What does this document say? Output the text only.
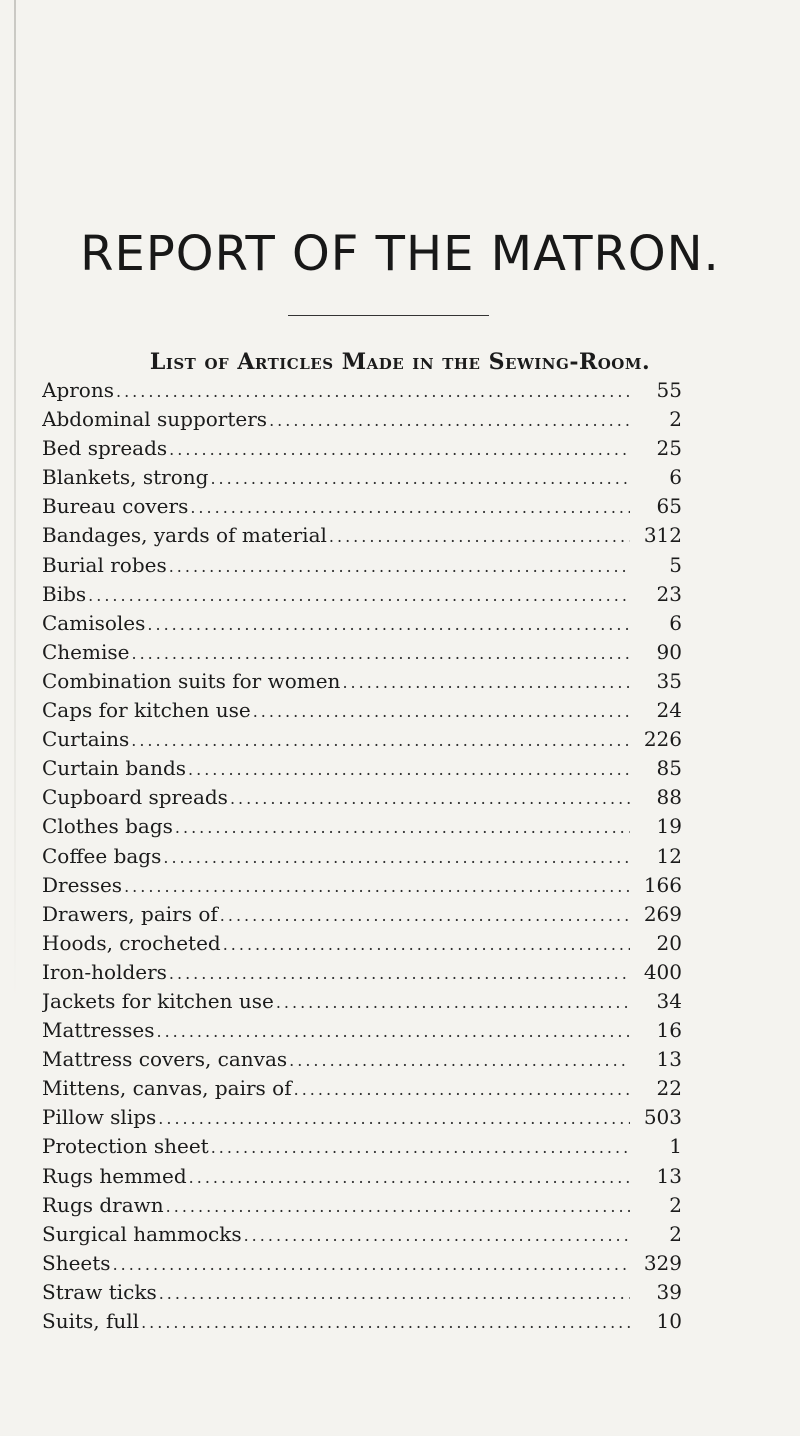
REPORT OF THE MATRON.
List of Articles Made in the Sewing-Room.
Aprons .....	55
Abdominal supporters .....	2
Bed spreads .....	25
Blankets, strong .....	6
Bureau covers .....	65
Bandages, yards of material .....	312
Burial robes .....	5
Bibs .....	23
Camisoles .....	6
Chemise .....	90
Combination suits for women .....	35
Caps for kitchen use .....	24
Curtains .....	226
Curtain bands .....	85
Cupboard spreads .....	88
Clothes bags .....	19
Coffee bags .....	12
Dresses .....	166
Drawers, pairs of .....	269
Hoods, crocheted .....	20
Iron-holders .....	400
Jackets for kitchen use .....	34
Mattresses .....	16
Mattress covers, canvas .....	13
Mittens, canvas, pairs of .....	22
Pillow slips .....	503
Protection sheet .....	1
Rugs hemmed .....	13
Rugs drawn .....	2
Surgical hammocks .....	2
Sheets .....	329
Straw ticks .....	39
Suits, full .....	10
